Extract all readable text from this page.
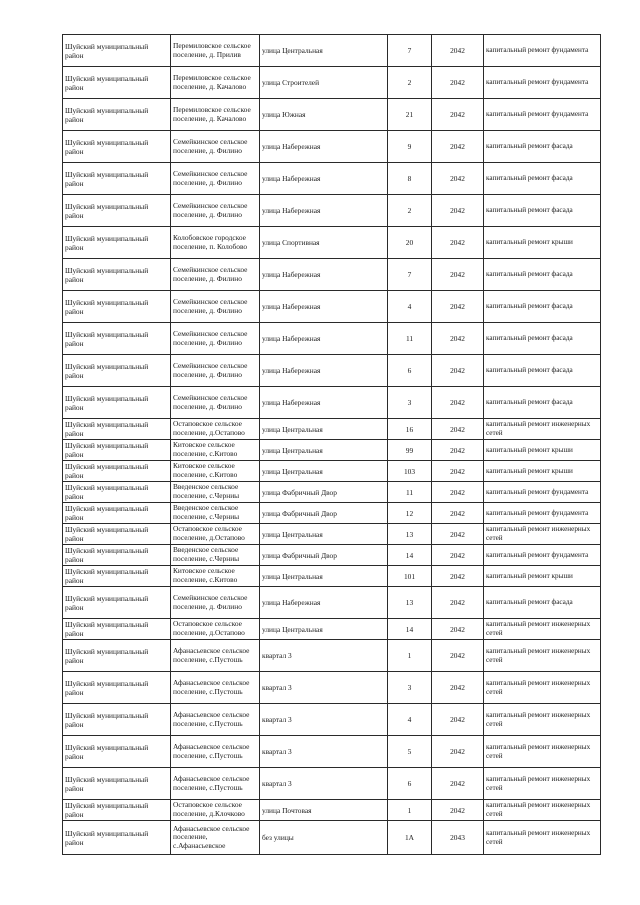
Шуйский муниципальный район	Перемиловское сельское поселение, д. Прилив	улица Центральная	7	2042	капитальный ремонт фундамента
Шуйский муниципальный район	Перемиловское сельское поселение, д. Качалово	улица Строителей	2	2042	капитальный ремонт фундамента
Шуйский муниципальный район	Перемиловское сельское поселение, д. Качалово	улица Южная	21	2042	капитальный ремонт фундамента
Шуйский муниципальный район	Семейкинское сельское поселение, д. Филино	улица Набережная	9	2042	капитальный ремонт фасада
Шуйский муниципальный район	Семейкинское сельское поселение, д. Филино	улица Набережная	8	2042	капитальный ремонт фасада
Шуйский муниципальный район	Семейкинское сельское поселение, д. Филино	улица Набережная	2	2042	капитальный ремонт фасада
Шуйский муниципальный район	Колобовское городское поселение, п. Колобово	улица Спортивная	20	2042	капитальный ремонт крыши
Шуйский муниципальный район	Семейкинское сельское поселение, д. Филино	улица Набережная	7	2042	капитальный ремонт фасада
Шуйский муниципальный район	Семейкинское сельское поселение, д. Филино	улица Набережная	4	2042	капитальный ремонт фасада
Шуйский муниципальный район	Семейкинское сельское поселение, д. Филино	улица Набережная	11	2042	капитальный ремонт фасада
Шуйский муниципальный район	Семейкинское сельское поселение, д. Филино	улица Набережная	6	2042	капитальный ремонт фасада
Шуйский муниципальный район	Семейкинское сельское поселение, д. Филино	улица Набережная	3	2042	капитальный ремонт фасада
Шуйский муниципальный район	Остаповское сельское поселение, д.Остапово	улица Центральная	16	2042	капитальный ремонт инженерных сетей
Шуйский муниципальный район	Китовское сельское поселение, с.Китово	улица Центральная	99	2042	капитальный ремонт крыши
Шуйский муниципальный район	Китовское сельское поселение, с.Китово	улица Центральная	103	2042	капитальный ремонт крыши
Шуйский муниципальный район	Введенское сельское поселение, с.Черниы	улица Фабричный Двор	11	2042	капитальный ремонт фундамента
Шуйский муниципальный район	Введенское сельское поселение, с.Черниы	улица Фабричный Двор	12	2042	капитальный ремонт фундамента
Шуйский муниципальный район	Остаповское сельское поселение, д.Остапово	улица Центральная	13	2042	капитальный ремонт инженерных сетей
Шуйский муниципальный район	Введенское сельское поселение, с.Черниы	улица Фабричный Двор	14	2042	капитальный ремонт фундамента
Шуйский муниципальный район	Китовское сельское поселение, с.Китово	улица Центральная	101	2042	капитальный ремонт крыши
Шуйский муниципальный район	Семейкинское сельское поселение, д. Филино	улица Набережная	13	2042	капитальный ремонт фасада
Шуйский муниципальный район	Остаповское сельское поселение, д.Остапово	улица Центральная	14	2042	капитальный ремонт инженерных сетей
Шуйский муниципальный район	Афанасьевское сельское поселение, с.Пустошь	квартал 3	1	2042	капитальный ремонт инженерных сетей
Шуйский муниципальный район	Афанасьевское сельское поселение, с.Пустошь	квартал 3	3	2042	капитальный ремонт инженерных сетей
Шуйский муниципальный район	Афанасьевское сельское поселение, с.Пустошь	квартал 3	4	2042	капитальный ремонт инженерных сетей
Шуйский муниципальный район	Афанасьевское сельское поселение, с.Пустошь	квартал 3	5	2042	капитальный ремонт инженерных сетей
Шуйский муниципальный район	Афанасьевское сельское поселение, с.Пустошь	квартал 3	6	2042	капитальный ремонт инженерных сетей
Шуйский муниципальный район	Остаповское сельское поселение, д.Клочково	улица Почтовая	1	2042	капитальный ремонт инженерных сетей
Шуйский муниципальный район	Афанасьевское сельское поселение, с.Афанасьевское	без улицы	1А	2043	капитальный ремонт инженерных сетей
